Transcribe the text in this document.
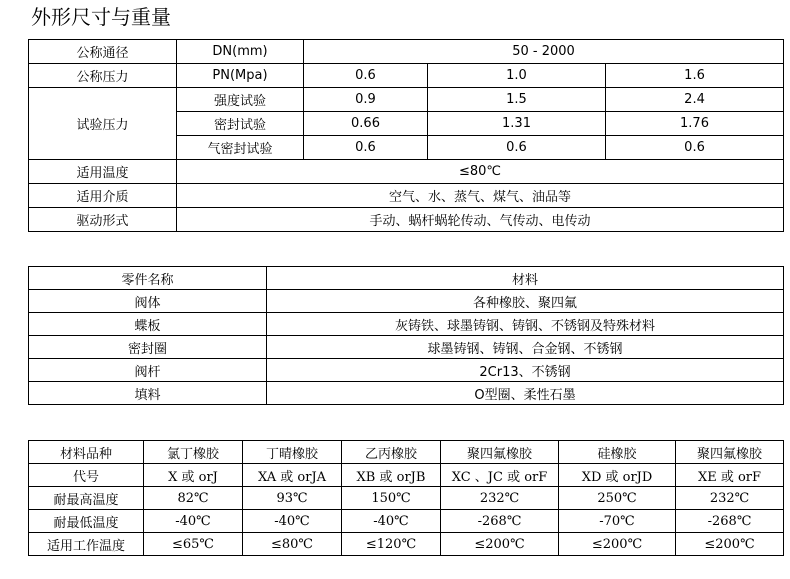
外形尺寸与重量
公称通径	DN(mm)	50 - 2000		
公称压力	PN(Mpa)	0.6	1.0	1.6
试验压力	强度试验	0.9	1.5	2.4
	密封试验	0.66	1.31	1.76
	气密封试验	0.6	0.6	0.6
适用温度	≤80℃			
适用介质	空气、水、蒸气、煤气、油品等			
驱动形式	手动、蜗杆蜗轮传动、气传动、电传动			
零件名称	材料
阀体	各种橡胶、聚四氟
蝶板	灰铸铁、球墨铸钢、铸钢、不锈钢及特殊材料
密封圈	球墨铸钢、铸钢、合金钢、不锈钢
阀杆	2Cr13、不锈钢
填料	O型圈、柔性石墨
材料品种	氯丁橡胶	丁晴橡胶	乙丙橡胶	聚四氟橡胶	硅橡胶	聚四氟橡胶
代号	X 或 orJ	XA 或 orJA	XB 或 orJB	XC 、JC 或 orF	XD 或 orJD	XE 或 orF
耐最高温度	82℃	93℃	150℃	232℃	250℃	232℃
耐最低温度	-40℃	-40℃	-40℃	-268℃	-70℃	-268℃
适用工作温度	≤65℃	≤80℃	≤120℃	≤200℃	≤200℃	≤200℃
